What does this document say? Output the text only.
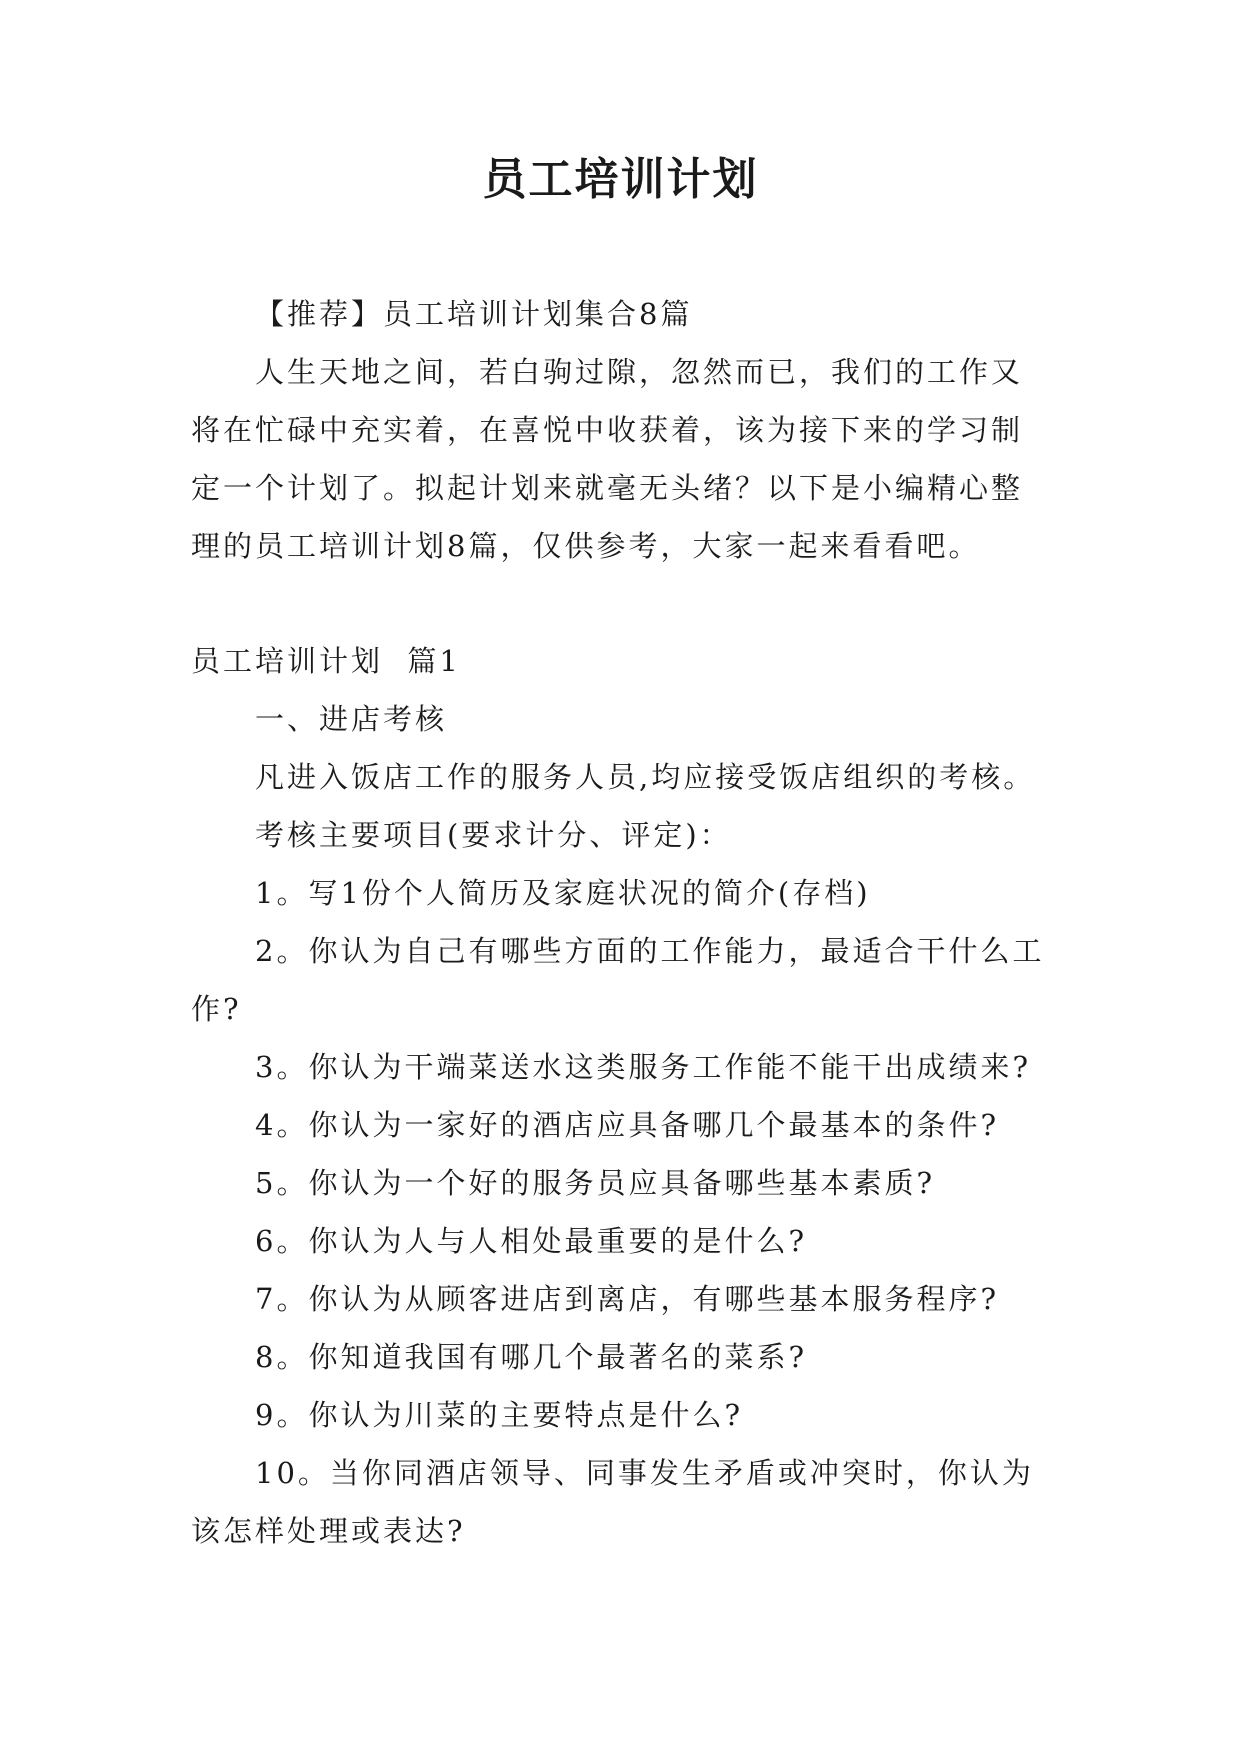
员工培训计划

【推荐】员工培训计划集合8篇

人生天地之间，若白驹过隙，忽然而已，我们的工作又将在忙碌中充实着，在喜悦中收获着，该为接下来的学习制定一个计划了。拟起计划来就毫无头绪？以下是小编精心整理的员工培训计划8篇，仅供参考，大家一起来看看吧。

员工培训计划  篇1

一、进店考核

凡进入饭店工作的服务人员,均应接受饭店组织的考核。

考核主要项目(要求计分、评定)：

1。写1份个人简历及家庭状况的简介(存档)

2。你认为自己有哪些方面的工作能力，最适合干什么工作?

3。你认为干端菜送水这类服务工作能不能干出成绩来?

4。你认为一家好的酒店应具备哪几个最基本的条件?

5。你认为一个好的服务员应具备哪些基本素质?

6。你认为人与人相处最重要的是什么?

7。你认为从顾客进店到离店，有哪些基本服务程序?

8。你知道我国有哪几个最著名的菜系?

9。你认为川菜的主要特点是什么?

10。当你同酒店领导、同事发生矛盾或冲突时，你认为该怎样处理或表达?
